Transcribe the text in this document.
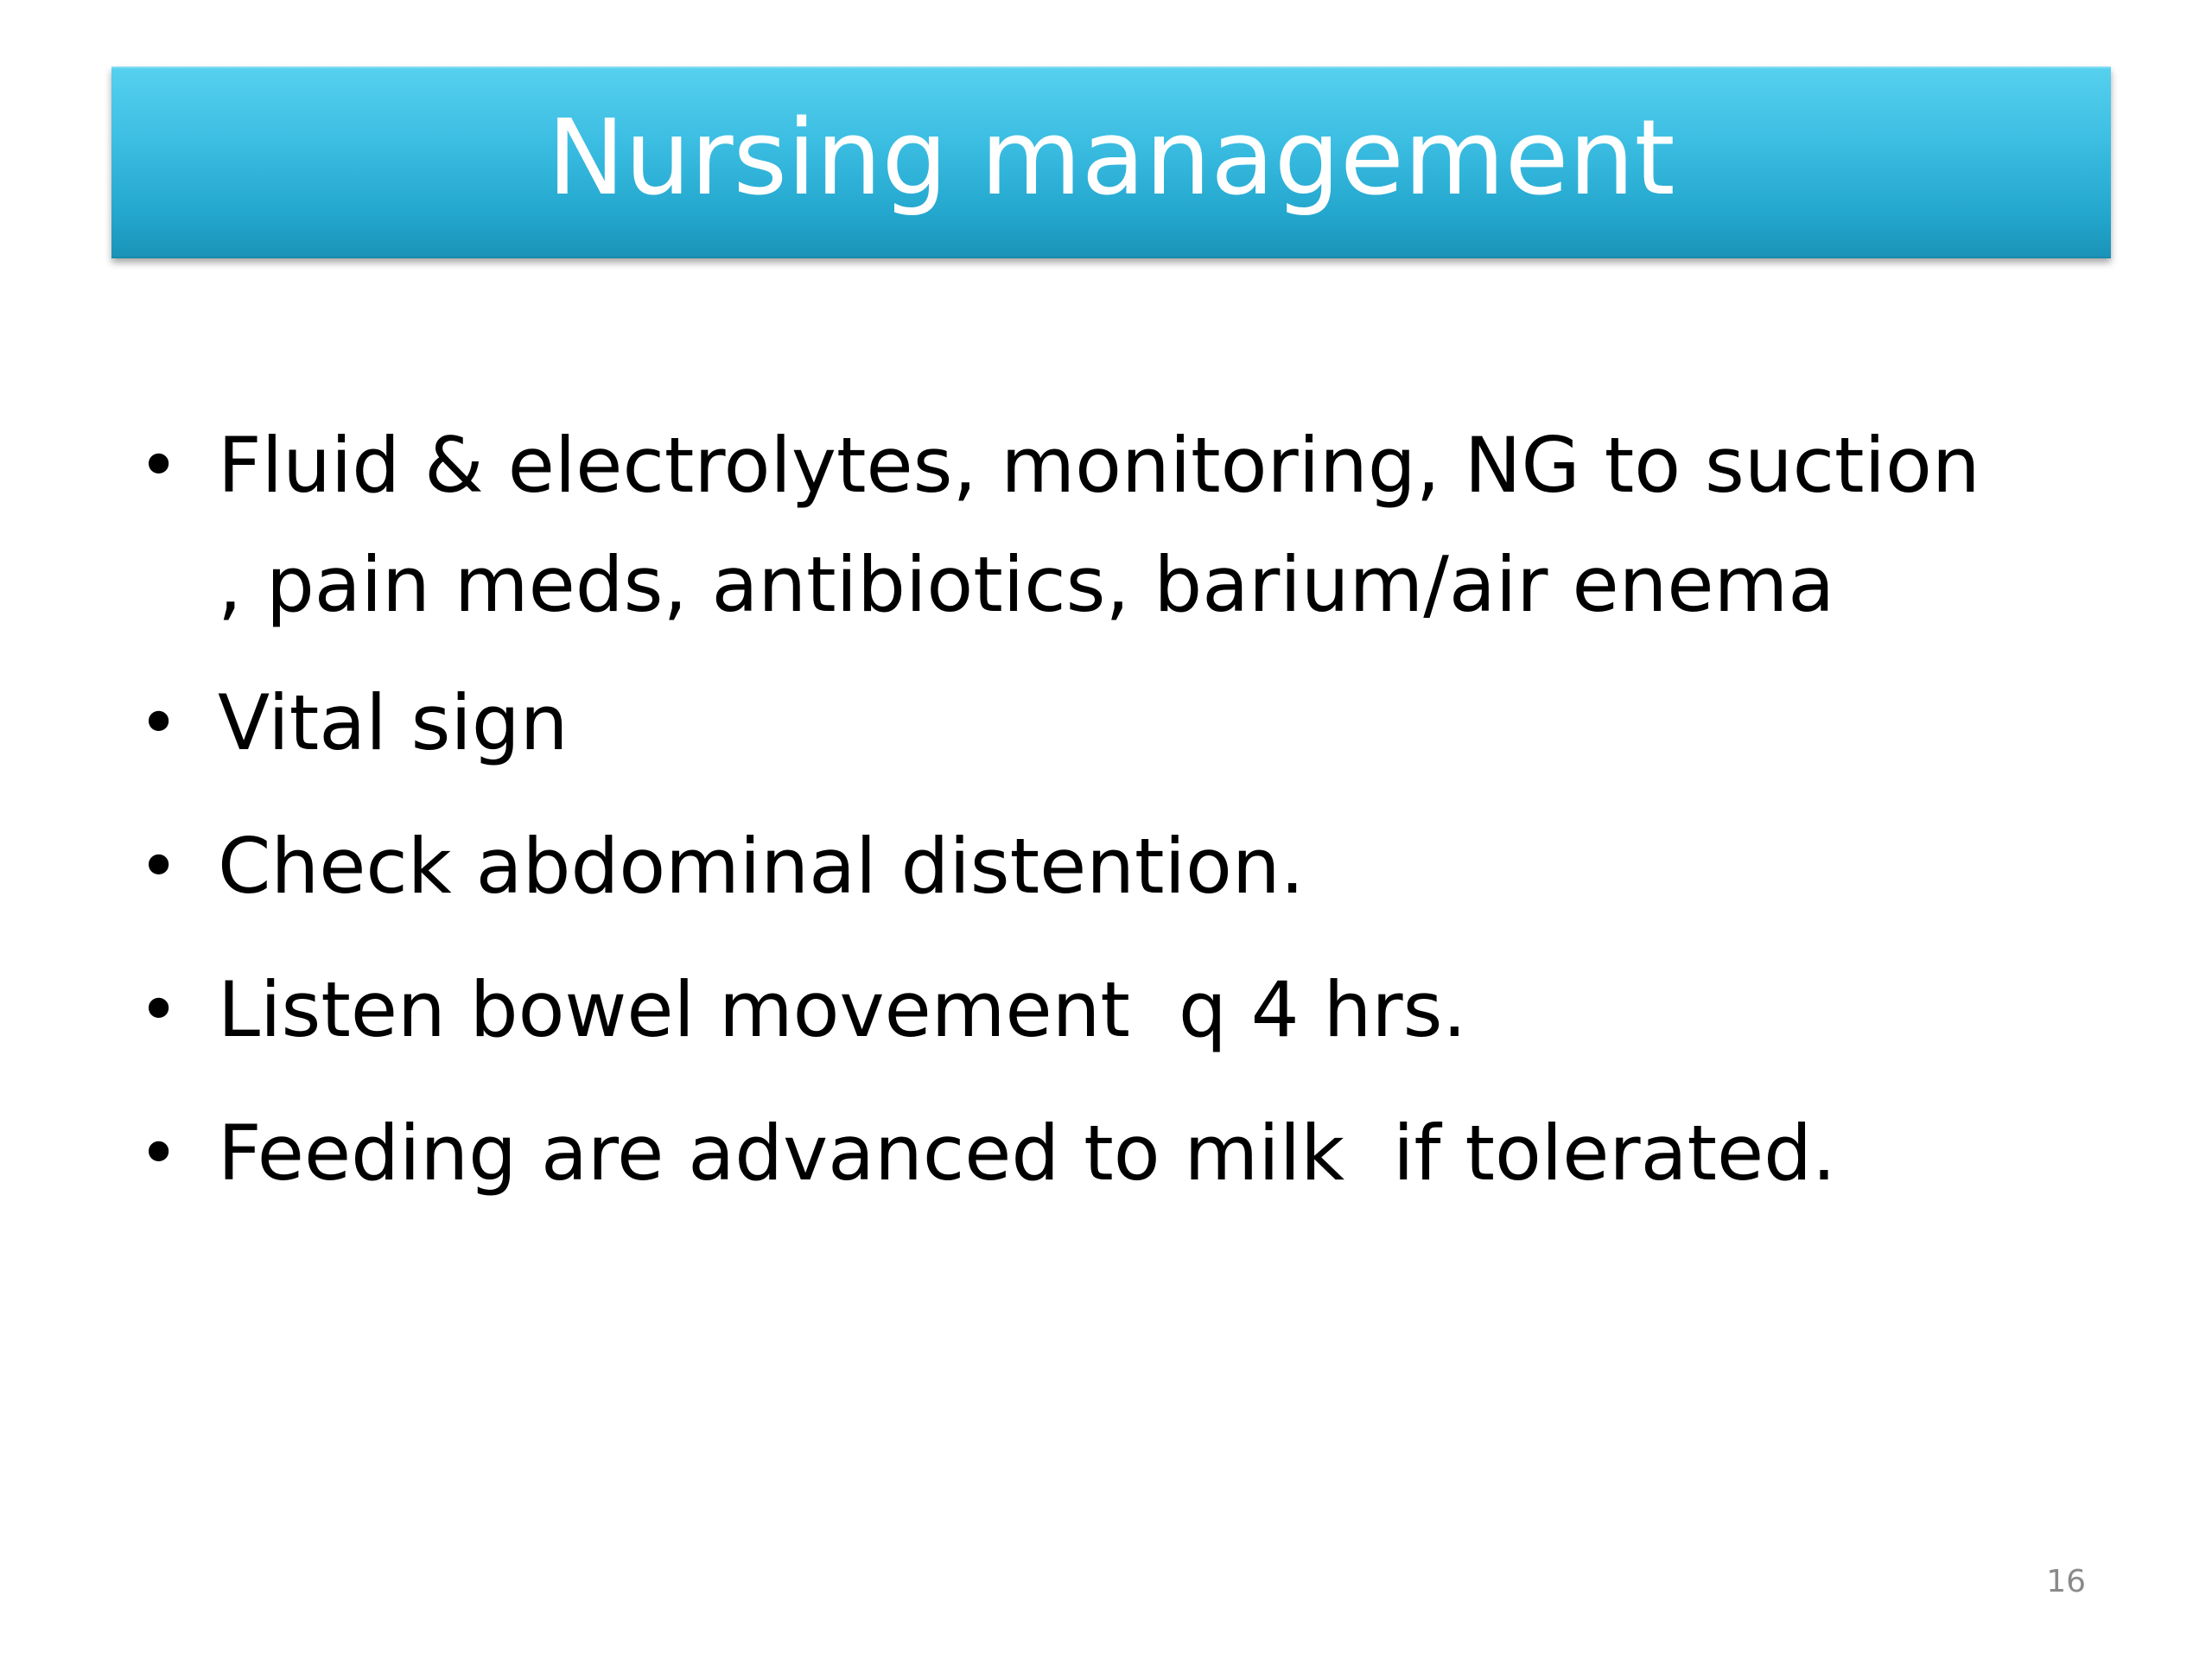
Nursing management
• Fluid & electrolytes, monitoring, NG to suction
, pain meds, antibiotics, barium/air enema
• Vital sign
• Check abdominal distention.
• Listen bowel movement  q 4 hrs.
• Feeding are advanced to milk  if tolerated.
16
